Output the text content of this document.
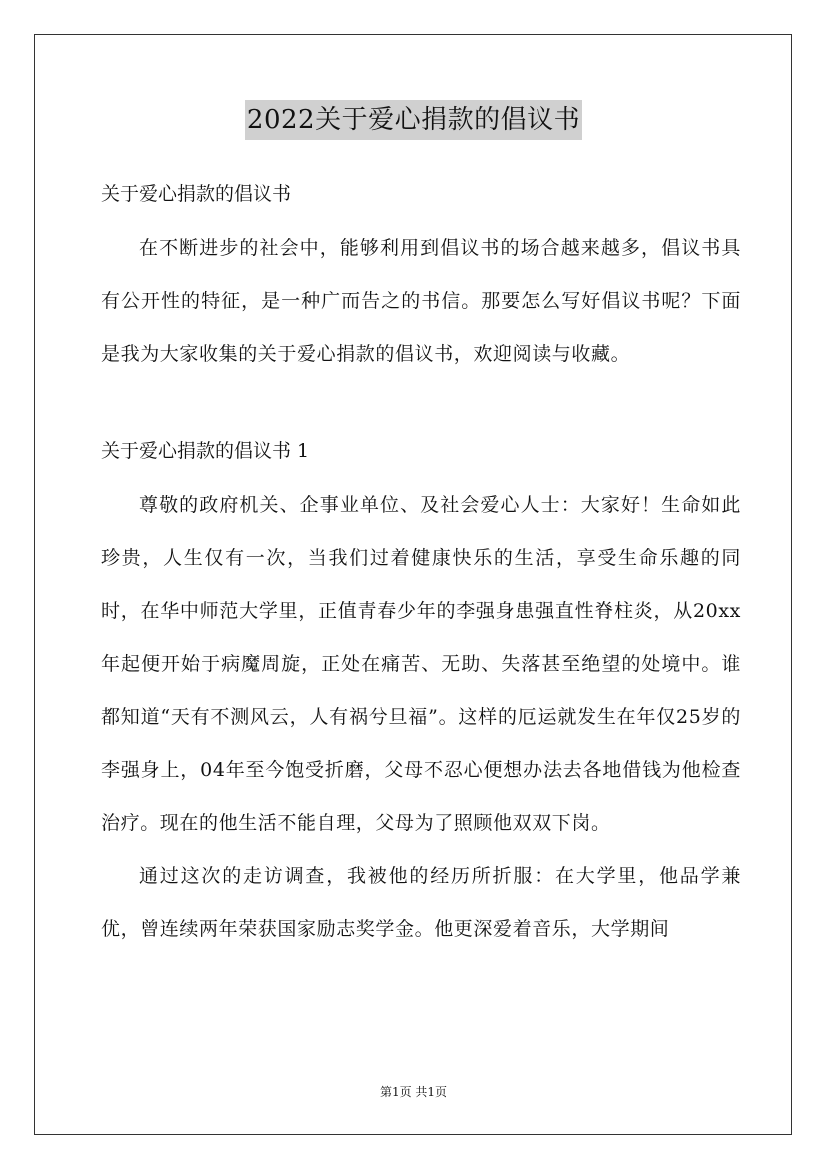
2022关于爱心捐款的倡议书

关于爱心捐款的倡议书

在不断进步的社会中，能够利用到倡议书的场合越来越多，倡议书具有公开性的特征，是一种广而告之的书信。那要怎么写好倡议书呢？下面是我为大家收集的关于爱心捐款的倡议书，欢迎阅读与收藏。

关于爱心捐款的倡议书 1

尊敬的政府机关、企事业单位、及社会爱心人士：大家好！生命如此珍贵，人生仅有一次，当我们过着健康快乐的生活，享受生命乐趣的同时，在华中师范大学里，正值青春少年的李强身患强直性脊柱炎，从20xx年起便开始于病魔周旋，正处在痛苦、无助、失落甚至绝望的处境中。谁都知道“天有不测风云，人有祸兮旦福”。这样的厄运就发生在年仅25岁的李强身上，04年至今饱受折磨，父母不忍心便想办法去各地借钱为他检查治疗。现在的他生活不能自理，父母为了照顾他双双下岗。

通过这次的走访调查，我被他的经历所折服：在大学里，他品学兼优，曾连续两年荣获国家励志奖学金。他更深爱着音乐，大学期间

第1页 共1页
